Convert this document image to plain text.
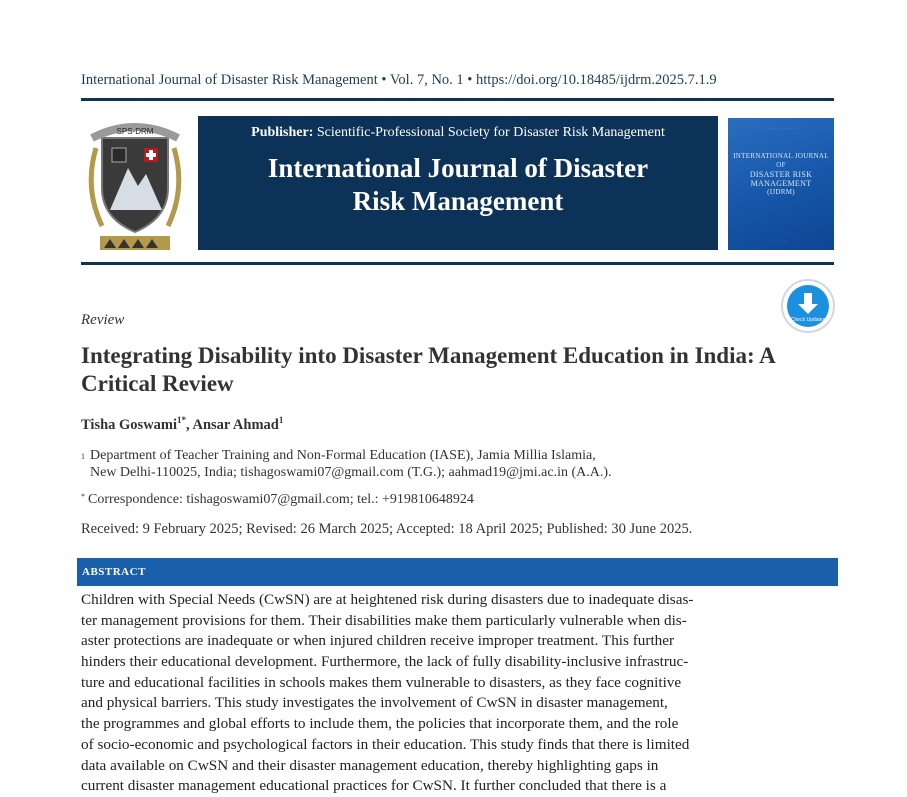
International Journal of Disaster Risk Management • Vol. 7, No. 1 • https://doi.org/10.18485/ijdrm.2025.7.1.9
SPS-DRM	Publisher: Scientific-Professional Society for Disaster Risk Management
International Journal of Disaster
Risk Management
· · · · · · · · · · · · · · · ·
INTERNATIONAL JOURNAL OF
DISASTER RISK
MANAGEMENT
(IJDRM)
· · · · · ·
Check Updates
Review
Integrating Disability into Disaster Management Education in India: A Critical Review
Tisha Goswami$^{1*}$, Ansar Ahmad$^1$
1 Department of Teacher Training and Non-Formal Education (IASE), Jamia Millia Islamia,
New Delhi-110025, India; tishagoswami07@gmail.com (T.G.); aahmad19@jmi.ac.in (A.A.).
* Correspondence: tishagoswami07@gmail.com; tel.: +919810648924
Received: 9 February 2025; Revised: 26 March 2025; Accepted: 18 April 2025; Published: 30 June 2025.
ABSTRACT
Children with Special Needs (CwSN) are at heightened risk during disasters due to inadequate disas-
ter management provisions for them. Their disabilities make them particularly vulnerable when dis-
aster protections are inadequate or when injured children receive improper treatment. This further
hinders their educational development. Furthermore, the lack of fully disability-inclusive infrastruc-
ture and educational facilities in schools makes them vulnerable to disasters, as they face cognitive
and physical barriers. This study investigates the involvement of CwSN in disaster management,
the programmes and global efforts to include them, the policies that incorporate them, and the role
of socio-economic and psychological factors in their education. This study finds that there is limited
data available on CwSN and their disaster management education, thereby highlighting gaps in
current disaster management educational practices for CwSN. It further concluded that there is a
